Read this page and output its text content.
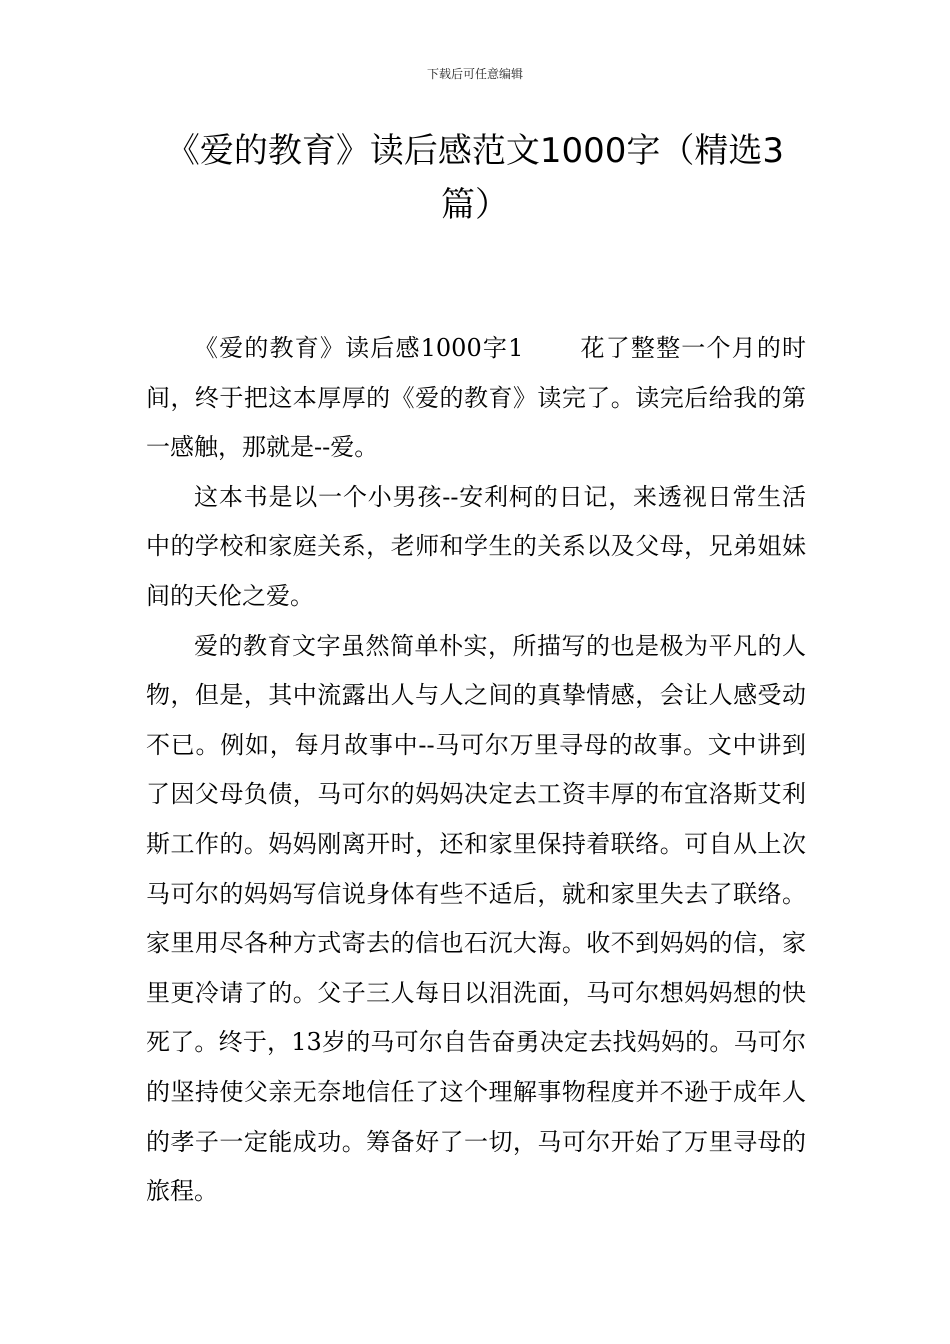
下载后可任意编辑
《爱的教育》读后感范文1000字（精选3篇）

《爱的教育》读后感1000字1 花了整整一个月的时间，终于把这本厚厚的《爱的教育》读完了。读完后给我的第一感触，那就是--爱。

这本书是以一个小男孩--安利柯的日记，来透视日常生活中的学校和家庭关系，老师和学生的关系以及父母，兄弟姐妹间的天伦之爱。

爱的教育文字虽然简单朴实，所描写的也是极为平凡的人物，但是，其中流露出人与人之间的真挚情感，会让人感受动不已。例如，每月故事中--马可尔万里寻母的故事。文中讲到了因父母负债，马可尔的妈妈决定去工资丰厚的布宜洛斯艾利斯工作的。妈妈刚离开时，还和家里保持着联络。可自从上次马可尔的妈妈写信说身体有些不适后，就和家里失去了联络。家里用尽各种方式寄去的信也石沉大海。收不到妈妈的信，家里更冷请了的。父子三人每日以泪洗面，马可尔想妈妈想的快死了。终于，13岁的马可尔自告奋勇决定去找妈妈的。马可尔的坚持使父亲无奈地信任了这个理解事物程度并不逊于成年人的孝子一定能成功。筹备好了一切，马可尔开始了万里寻母的旅程。
